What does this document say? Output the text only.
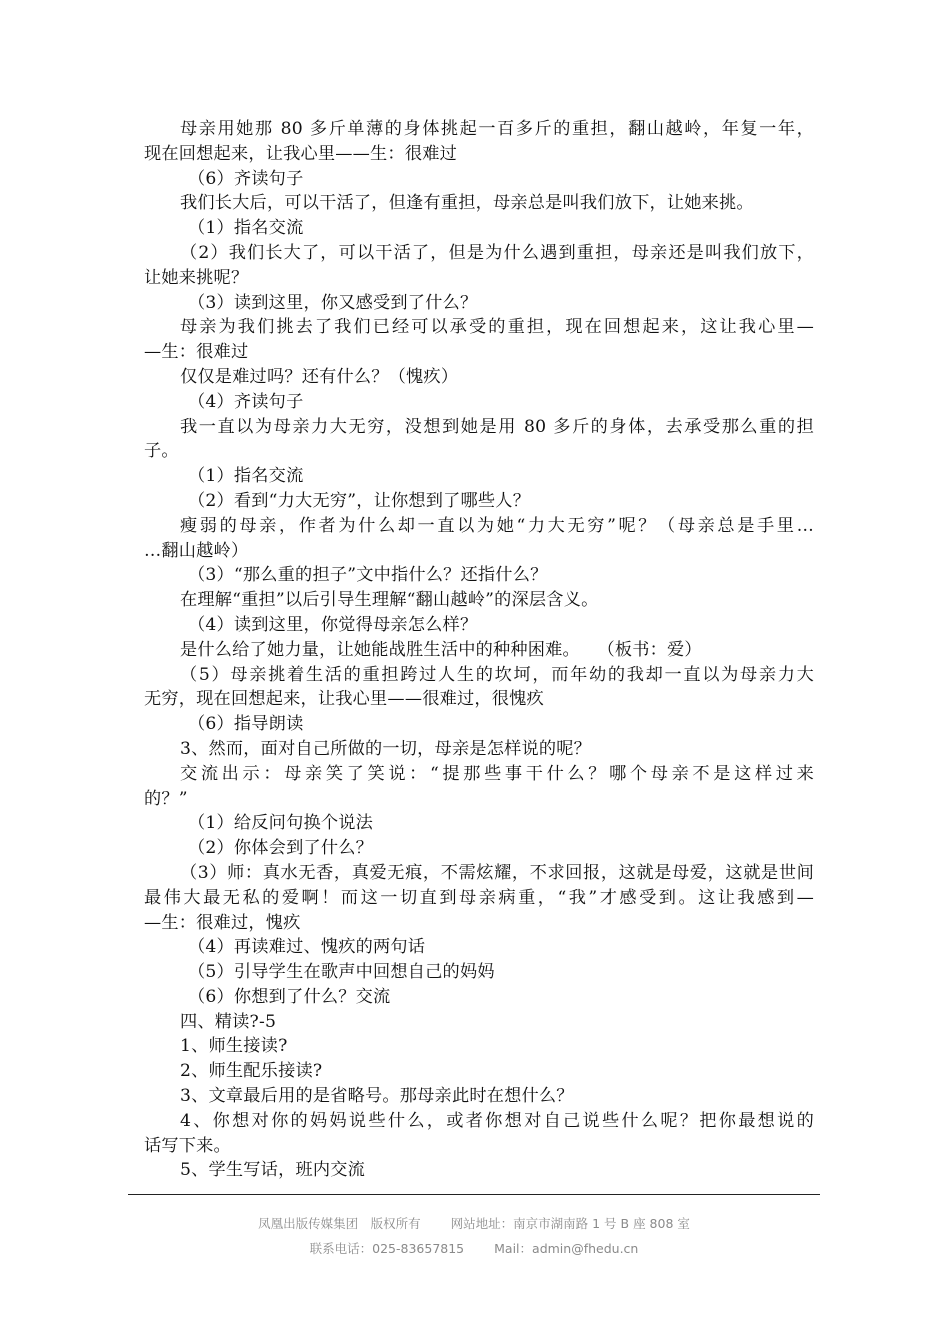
母亲用她那 80 多斤单薄的身体挑起一百多斤的重担，翻山越岭，年复一年，
现在回想起来，让我心里——生：很难过
（6）齐读句子
我们长大后，可以干活了，但逢有重担，母亲总是叫我们放下，让她来挑。
（1）指名交流
（2）我们长大了，可以干活了，但是为什么遇到重担，母亲还是叫我们放下，
让她来挑呢？
（3）读到这里，你又感受到了什么？
母亲为我们挑去了我们已经可以承受的重担，现在回想起来，这让我心里—
—生：很难过
仅仅是难过吗？还有什么？（愧疚）
（4）齐读句子
我一直以为母亲力大无穷，没想到她是用 80 多斤的身体，去承受那么重的担
子。
（1）指名交流
（2）看到“力大无穷”，让你想到了哪些人？
瘦弱的母亲，作者为什么却一直以为她“力大无穷”呢？（母亲总是手里…
…翻山越岭）
（3）“那么重的担子”文中指什么？还指什么？
在理解“重担”以后引导生理解“翻山越岭”的深层含义。
（4）读到这里，你觉得母亲怎么样？
是什么给了她力量，让她能战胜生活中的种种困难。　　（板书：爱）
（5）母亲挑着生活的重担跨过人生的坎坷，而年幼的我却一直以为母亲力大
无穷，现在回想起来，让我心里——很难过，很愧疚
（6）指导朗读
3、然而，面对自己所做的一切，母亲是怎样说的呢？
交流出示：母亲笑了笑说：“提那些事干什么？哪个母亲不是这样过来
的？”
（1）给反问句换个说法
（2）你体会到了什么？
（3）师：真水无香，真爱无痕，不需炫耀，不求回报，这就是母爱，这就是世间
最伟大最无私的爱啊！而这一切直到母亲病重，“我”才感受到。这让我感到—
—生：很难过，愧疚
（4）再读难过、愧疚的两句话
（5）引导学生在歌声中回想自己的妈妈
（6）你想到了什么？交流
四、精读?-5
1、师生接读?
2、师生配乐接读?
3、文章最后用的是省略号。那母亲此时在想什么？
4、你想对你的妈妈说些什么，或者你想对自己说些什么呢？把你最想说的
话写下来。
5、学生写话，班内交流
凤凰出版传媒集团　版权所有 网站地址：南京市湖南路 1 号 B 座 808 室
联系电话：025-83657815 Mail：admin@fhedu.cn
